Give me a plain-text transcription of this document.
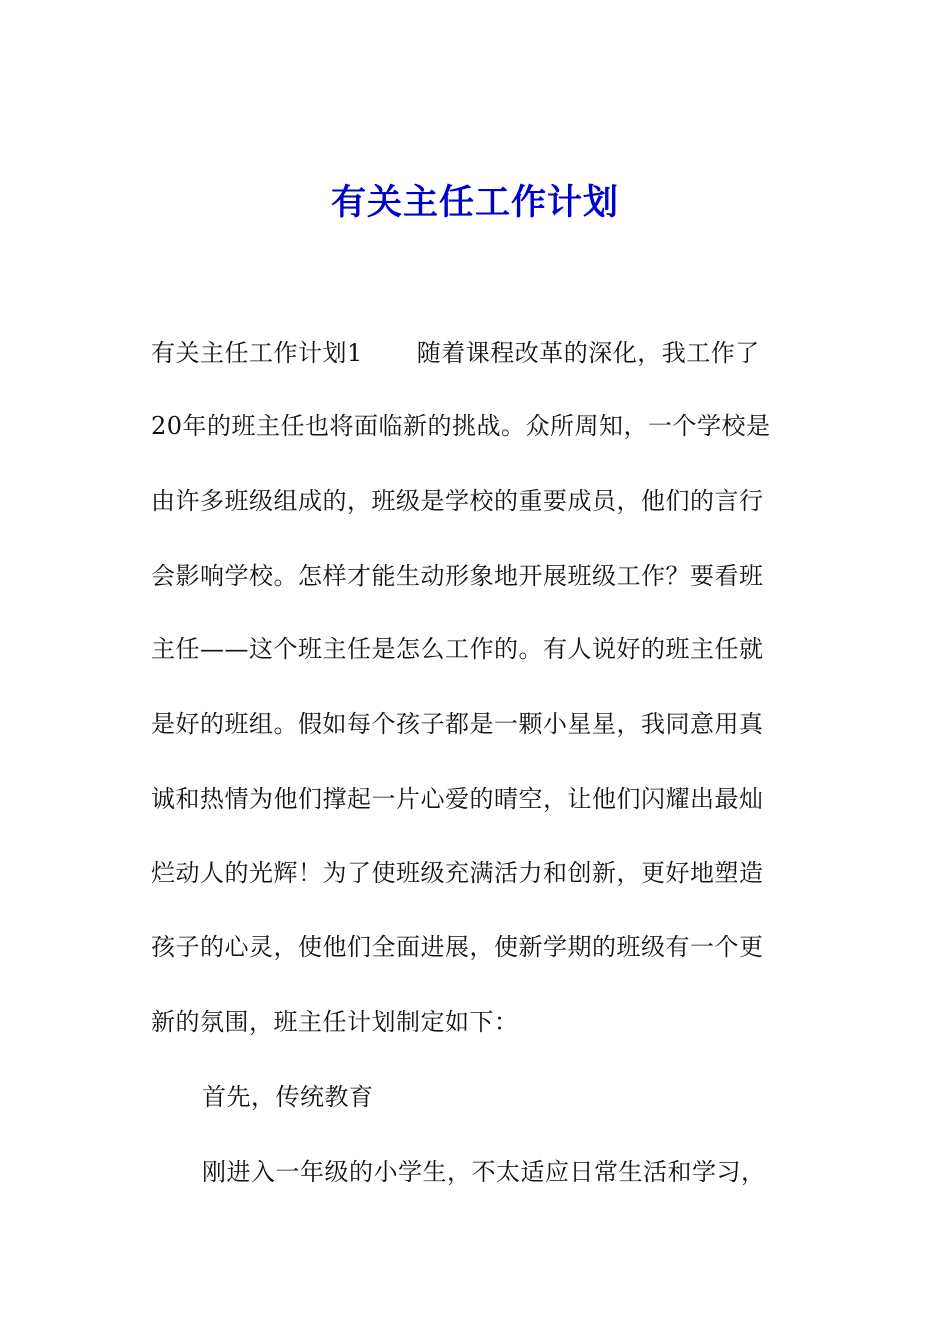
有关主任工作计划
有关主任工作计划1 随着课程改革的深化，我工作了
20年的班主任也将面临新的挑战。众所周知，一个学校是
由许多班级组成的，班级是学校的重要成员，他们的言行
会影响学校。怎样才能生动形象地开展班级工作？要看班
主任——这个班主任是怎么工作的。有人说好的班主任就
是好的班组。假如每个孩子都是一颗小星星，我同意用真
诚和热情为他们撑起一片心爱的晴空，让他们闪耀出最灿
烂动人的光辉！为了使班级充满活力和创新，更好地塑造
孩子的心灵，使他们全面进展，使新学期的班级有一个更
新的氛围，班主任计划制定如下：
首先，传统教育
刚进入一年级的小学生，不太适应日常生活和学习，
